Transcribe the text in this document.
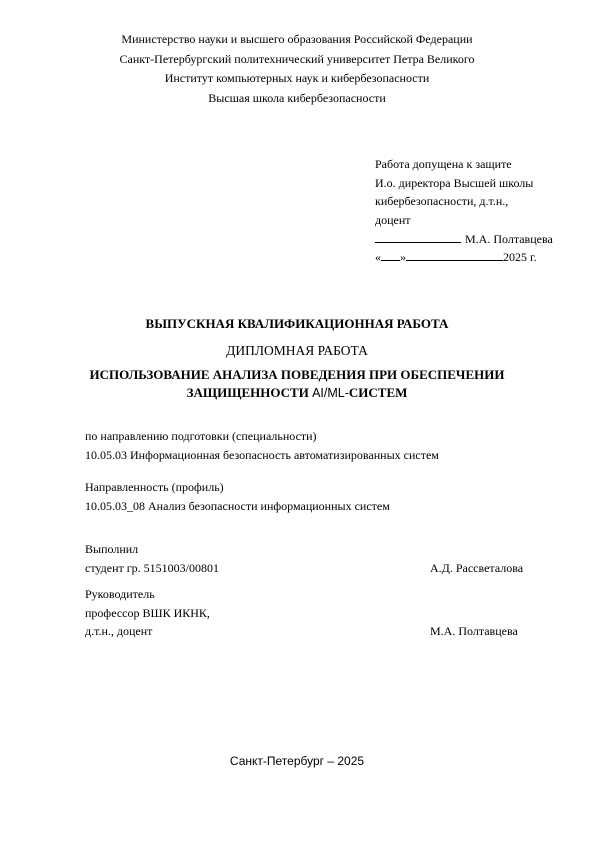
Министерство науки и высшего образования Российской Федерации
Санкт-Петербургский политехнический университет Петра Великого
Институт компьютерных наук и кибербезопасности
Высшая школа кибербезопасности
Работа допущена к защите
И.о. директора Высшей школы
кибербезопасности, д.т.н.,
доцент
М.А. Полтавцева
« »	2025 г.
ВЫПУСКНАЯ КВАЛИФИКАЦИОННАЯ РАБОТА
ДИПЛОМНАЯ РАБОТА
ИСПОЛЬЗОВАНИЕ АНАЛИЗА ПОВЕДЕНИЯ ПРИ ОБЕСПЕЧЕНИИ
ЗАЩИЩЕННОСТИ AI/ML-СИСТЕМ
по направлению подготовки (специальности)
10.05.03 Информационная безопасность автоматизированных систем
Направленность (профиль)
10.05.03_08 Анализ безопасности информационных систем
Выполнил
студент гр. 5151003/00801	А.Д. Рассветалова
Руководитель
профессор ВШК ИКНК,
д.т.н., доцент	М.А. Полтавцева
Санкт-Петербург – 2025
